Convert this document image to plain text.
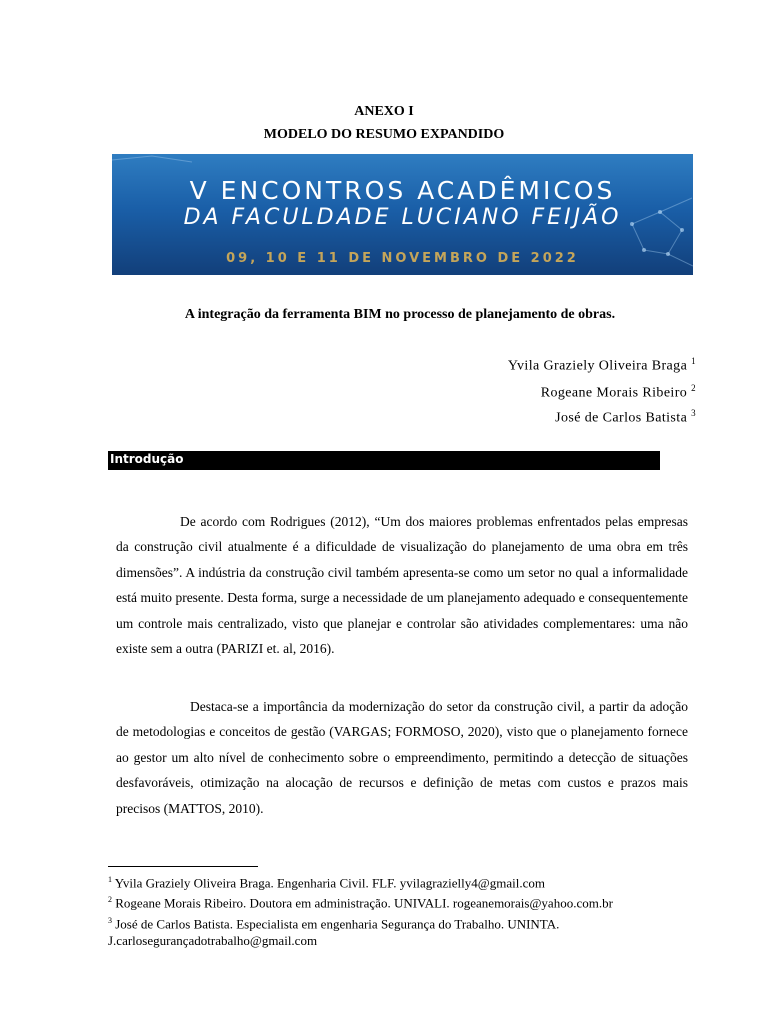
ANEXO I
MODELO DO RESUMO EXPANDIDO
V ENCONTROS ACADÊMICOS
DA FACULDADE LUCIANO FEIJÃO
09, 10 E 11 DE NOVEMBRO DE 2022
A integração da ferramenta BIM no processo de planejamento de obras.
Yvila Graziely Oliveira Braga $^1$
Rogeane Morais Ribeiro $^2$
José de Carlos Batista $^3$
Introdução

De acordo com Rodrigues (2012), “Um dos maiores problemas enfrentados pelas empresas da construção civil atualmente é a dificuldade de visualização do planejamento de uma obra em três dimensões”. A indústria da construção civil também apresenta-se como um setor no qual a informalidade está muito presente. Desta forma, surge a necessidade de um planejamento adequado e consequentemente um controle mais centralizado, visto que planejar e controlar são atividades complementares: uma não existe sem a outra (PARIZI et. al, 2016).

Destaca-se a importância da modernização do setor da construção civil, a partir da adoção de metodologias e conceitos de gestão (VARGAS; FORMOSO, 2020), visto que o planejamento fornece ao gestor um alto nível de conhecimento sobre o empreendimento, permitindo a detecção de situações desfavoráveis, otimização na alocação de recursos e definição de metas com custos e prazos mais precisos (MATTOS, 2010).

$^1$ Yvila Graziely Oliveira Braga. Engenharia Civil. FLF. yvilagraziellу4@gmail.com

$^2$ Rogeane Morais Ribeiro. Doutora em administração. UNIVALI. rogeanemorais@yahoo.com.br

$^3$ José de Carlos Batista. Especialista em engenharia Segurança do Trabalho. UNINTA. J.carloseguranҫadotrabalho@gmail.com
